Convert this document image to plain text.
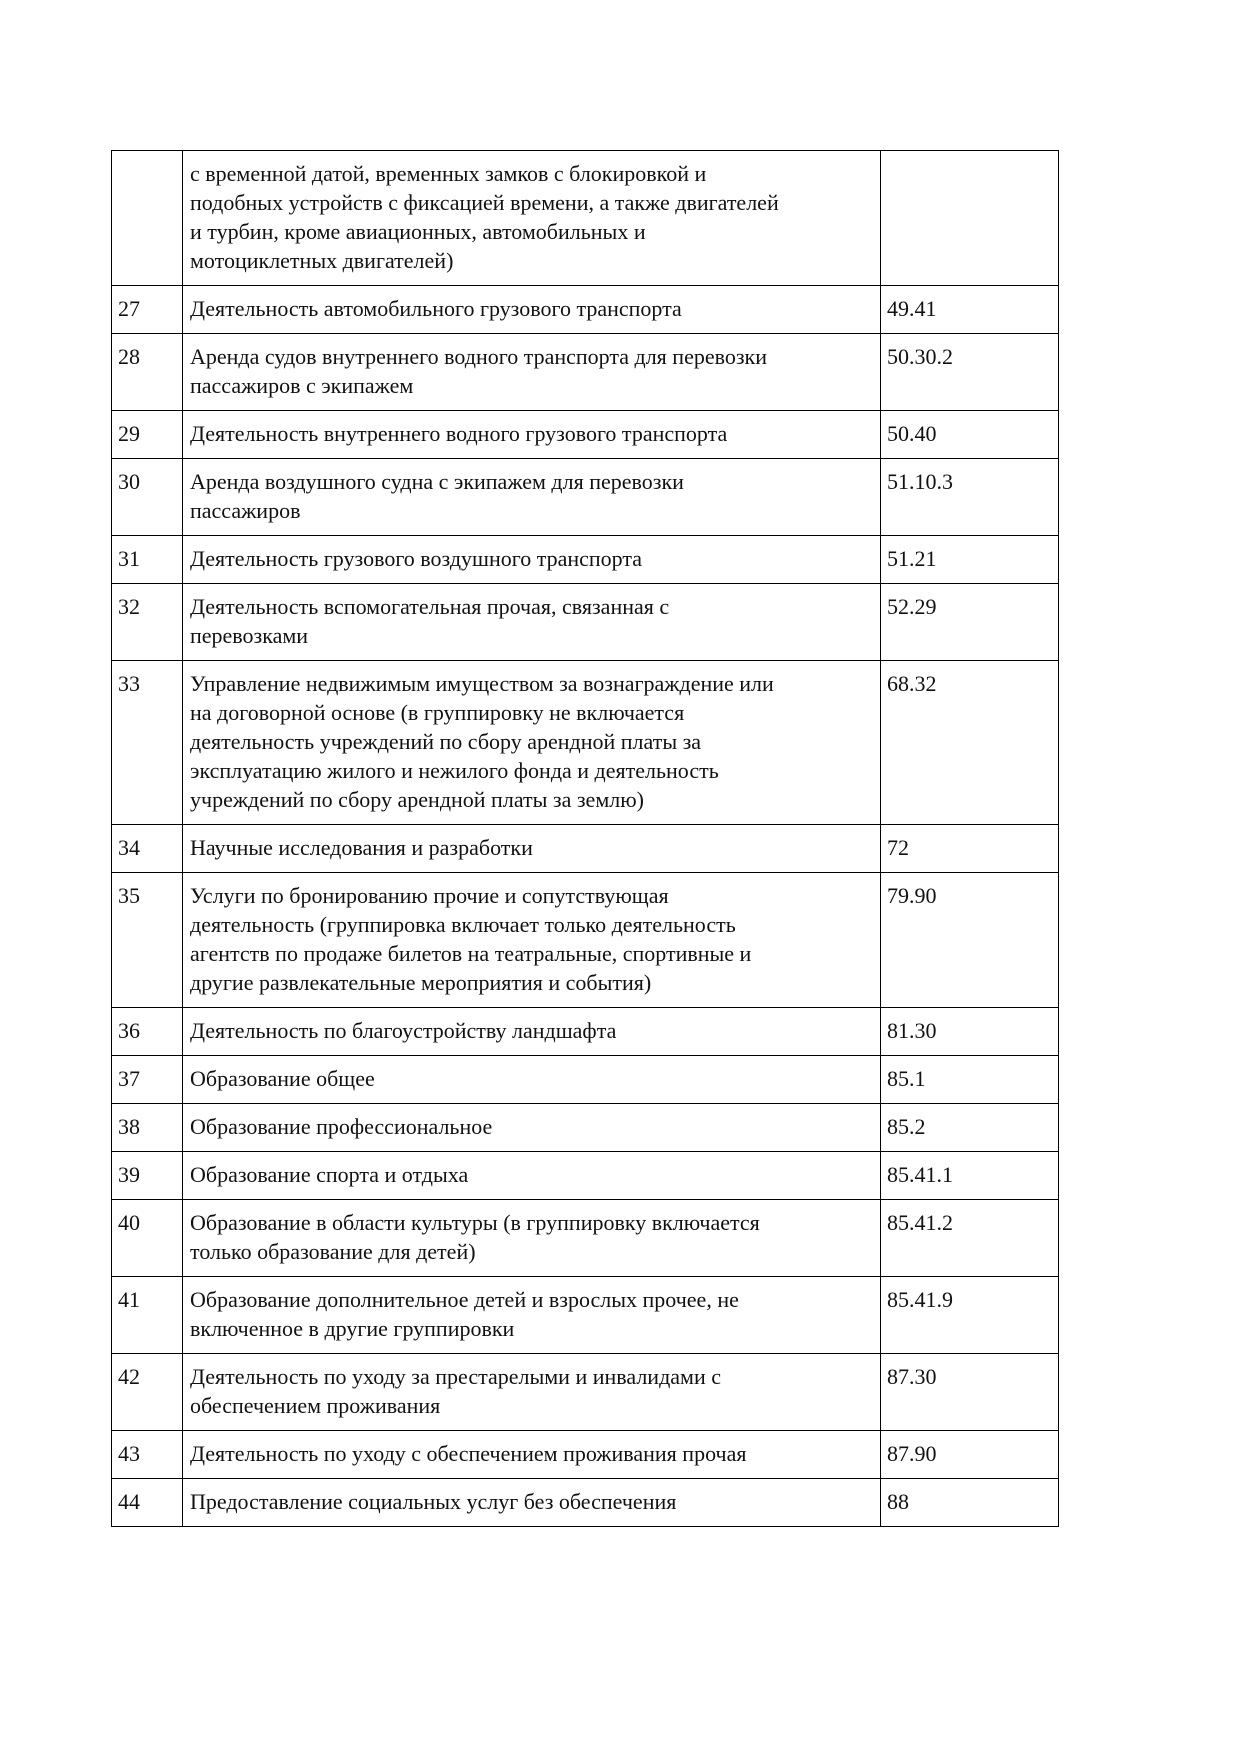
	с временной датой, временных замков с блокировкой и
подобных устройств с фиксацией времени, а также двигателей
и турбин, кроме авиационных, автомобильных и
мотоциклетных двигателей)	

27	Деятельность автомобильного грузового транспорта	49.41

28	Аренда судов внутреннего водного транспорта для перевозки
пассажиров с экипажем	50.30.2

29	Деятельность внутреннего водного грузового транспорта	50.40

30	Аренда воздушного судна с экипажем для перевозки
пассажиров	51.10.3

31	Деятельность грузового воздушного транспорта	51.21

32	Деятельность вспомогательная прочая, связанная с
перевозками	52.29

33	Управление недвижимым имуществом за вознаграждение или
на договорной основе (в группировку не включается
деятельность учреждений по сбору арендной платы за
эксплуатацию жилого и нежилого фонда и деятельность
учреждений по сбору арендной платы за землю)	68.32

34	Научные исследования и разработки	72

35	Услуги по бронированию прочие и сопутствующая
деятельность (группировка включает только деятельность
агентств по продаже билетов на театральные, спортивные и
другие развлекательные мероприятия и события)	79.90

36	Деятельность по благоустройству ландшафта	81.30

37	Образование общее	85.1

38	Образование профессиональное	85.2

39	Образование спорта и отдыха	85.41.1

40	Образование в области культуры (в группировку включается
только образование для детей)	85.41.2

41	Образование дополнительное детей и взрослых прочее, не
включенное в другие группировки	85.41.9

42	Деятельность по уходу за престарелыми и инвалидами с
обеспечением проживания	87.30

43	Деятельность по уходу с обеспечением проживания прочая	87.90

44	Предоставление социальных услуг без обеспечения	88
